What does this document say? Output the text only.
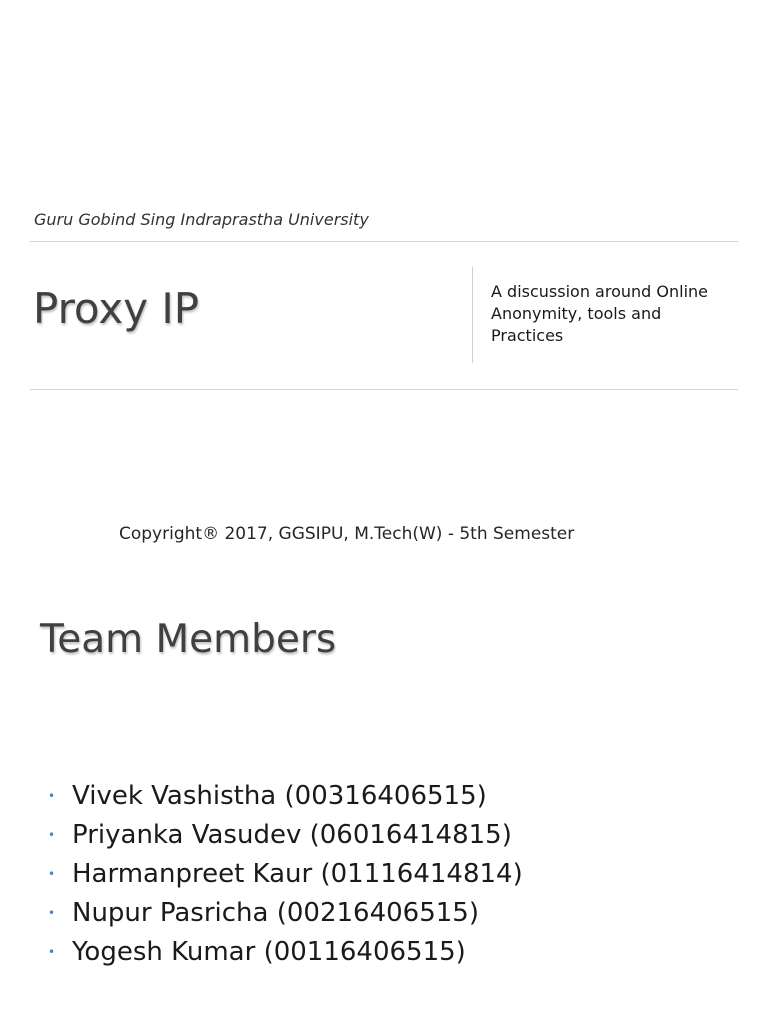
Guru Gobind Sing Indraprastha University
Proxy IP	A discussion around Online
Anonymity, tools and
Practices
Copyright® 2017, GGSIPU, M.Tech(W) - 5th Semester
Team Members
• Vivek Vashistha (00316406515)
• Priyanka Vasudev (06016414815)
• Harmanpreet Kaur (01116414814)
• Nupur Pasricha (00216406515)
• Yogesh Kumar (00116406515)
